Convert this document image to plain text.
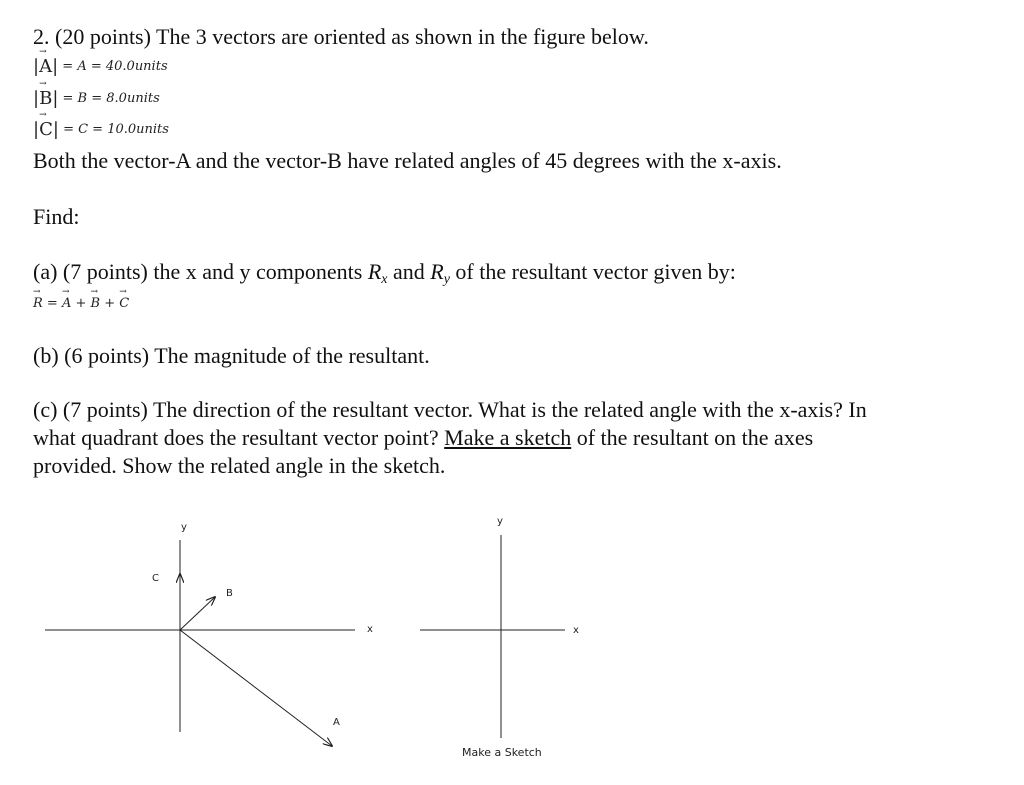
2. (20 points) The 3 vectors are oriented as shown in the figure below.
|→ A| = A = 40.0units
|→ B| = B = 8.0units
|→ C| = C = 10.0units
Both the vector-A and the vector-B have related angles of 45 degrees with the x-axis.
Find:
(a) (7 points) the x and y components $R_x$ and $R_y$ of the resultant vector given by:
→ R = → A + → B + → C
(b) (6 points) The magnitude of the resultant.
(c) (7 points) The direction of the resultant vector. What is the related angle with the x-axis? In
what quadrant does the resultant vector point? Make a sketch of the resultant on the axes
provided. Show the related angle in the sketch.
y
x
C
B
A
y
x
Make a Sketch
